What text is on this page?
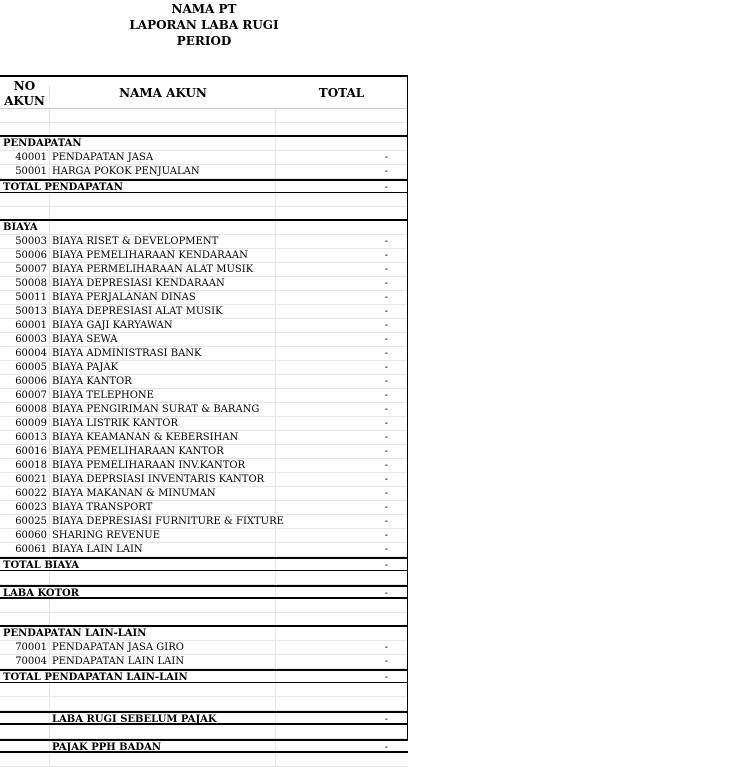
NAMA PT
LAPORAN LABA RUGI
PERIOD
NO
AKUN
NAMA AKUN	TOTAL
PENDAPATAN
40001 PENDAPATAN JASA	-
50001 HARGA POKOK PENJUALAN	-
TOTAL PENDAPATAN	-
BIAYA
50003 BIAYA RISET & DEVELOPMENT	-
50006 BIAYA PEMELIHARAAN KENDARAAN	-
50007 BIAYA PERMELIHARAAN ALAT MUSIK	-
50008 BIAYA DEPRESIASI KENDARAAN	-
50011 BIAYA PERJALANAN DINAS	-
50013 BIAYA DEPRESIASI ALAT MUSIK	-
60001 BIAYA GAJI KARYAWAN	-
60003 BIAYA SEWA	-
60004 BIAYA ADMINISTRASI BANK	-
60005 BIAYA PAJAK	-
60006 BIAYA KANTOR	-
60007 BIAYA TELEPHONE	-
60008 BIAYA PENGIRIMAN SURAT & BARANG	-
60009 BIAYA LISTRIK KANTOR	-
60013 BIAYA KEAMANAN & KEBERSIHAN	-
60016 BIAYA PEMELIHARAAN KANTOR	-
60018 BIAYA PEMELIHARAAN INV.KANTOR	-
60021 BIAYA DEPRSIASI INVENTARIS KANTOR	-
60022 BIAYA MAKANAN & MINUMAN	-
60023 BIAYA TRANSPORT	-
60025 BIAYA DEPRESIASI FURNITURE & FIXTURE	-
60060 SHARING REVENUE	-
60061 BIAYA LAIN LAIN	-
TOTAL BIAYA	-
LABA KOTOR	-
PENDAPATAN LAIN-LAIN
70001 PENDAPATAN JASA GIRO	-
70004 PENDAPATAN LAIN LAIN	-
TOTAL PENDAPATAN LAIN-LAIN	-
LABA RUGI SEBELUM PAJAK	-
PAJAK PPH BADAN	-
